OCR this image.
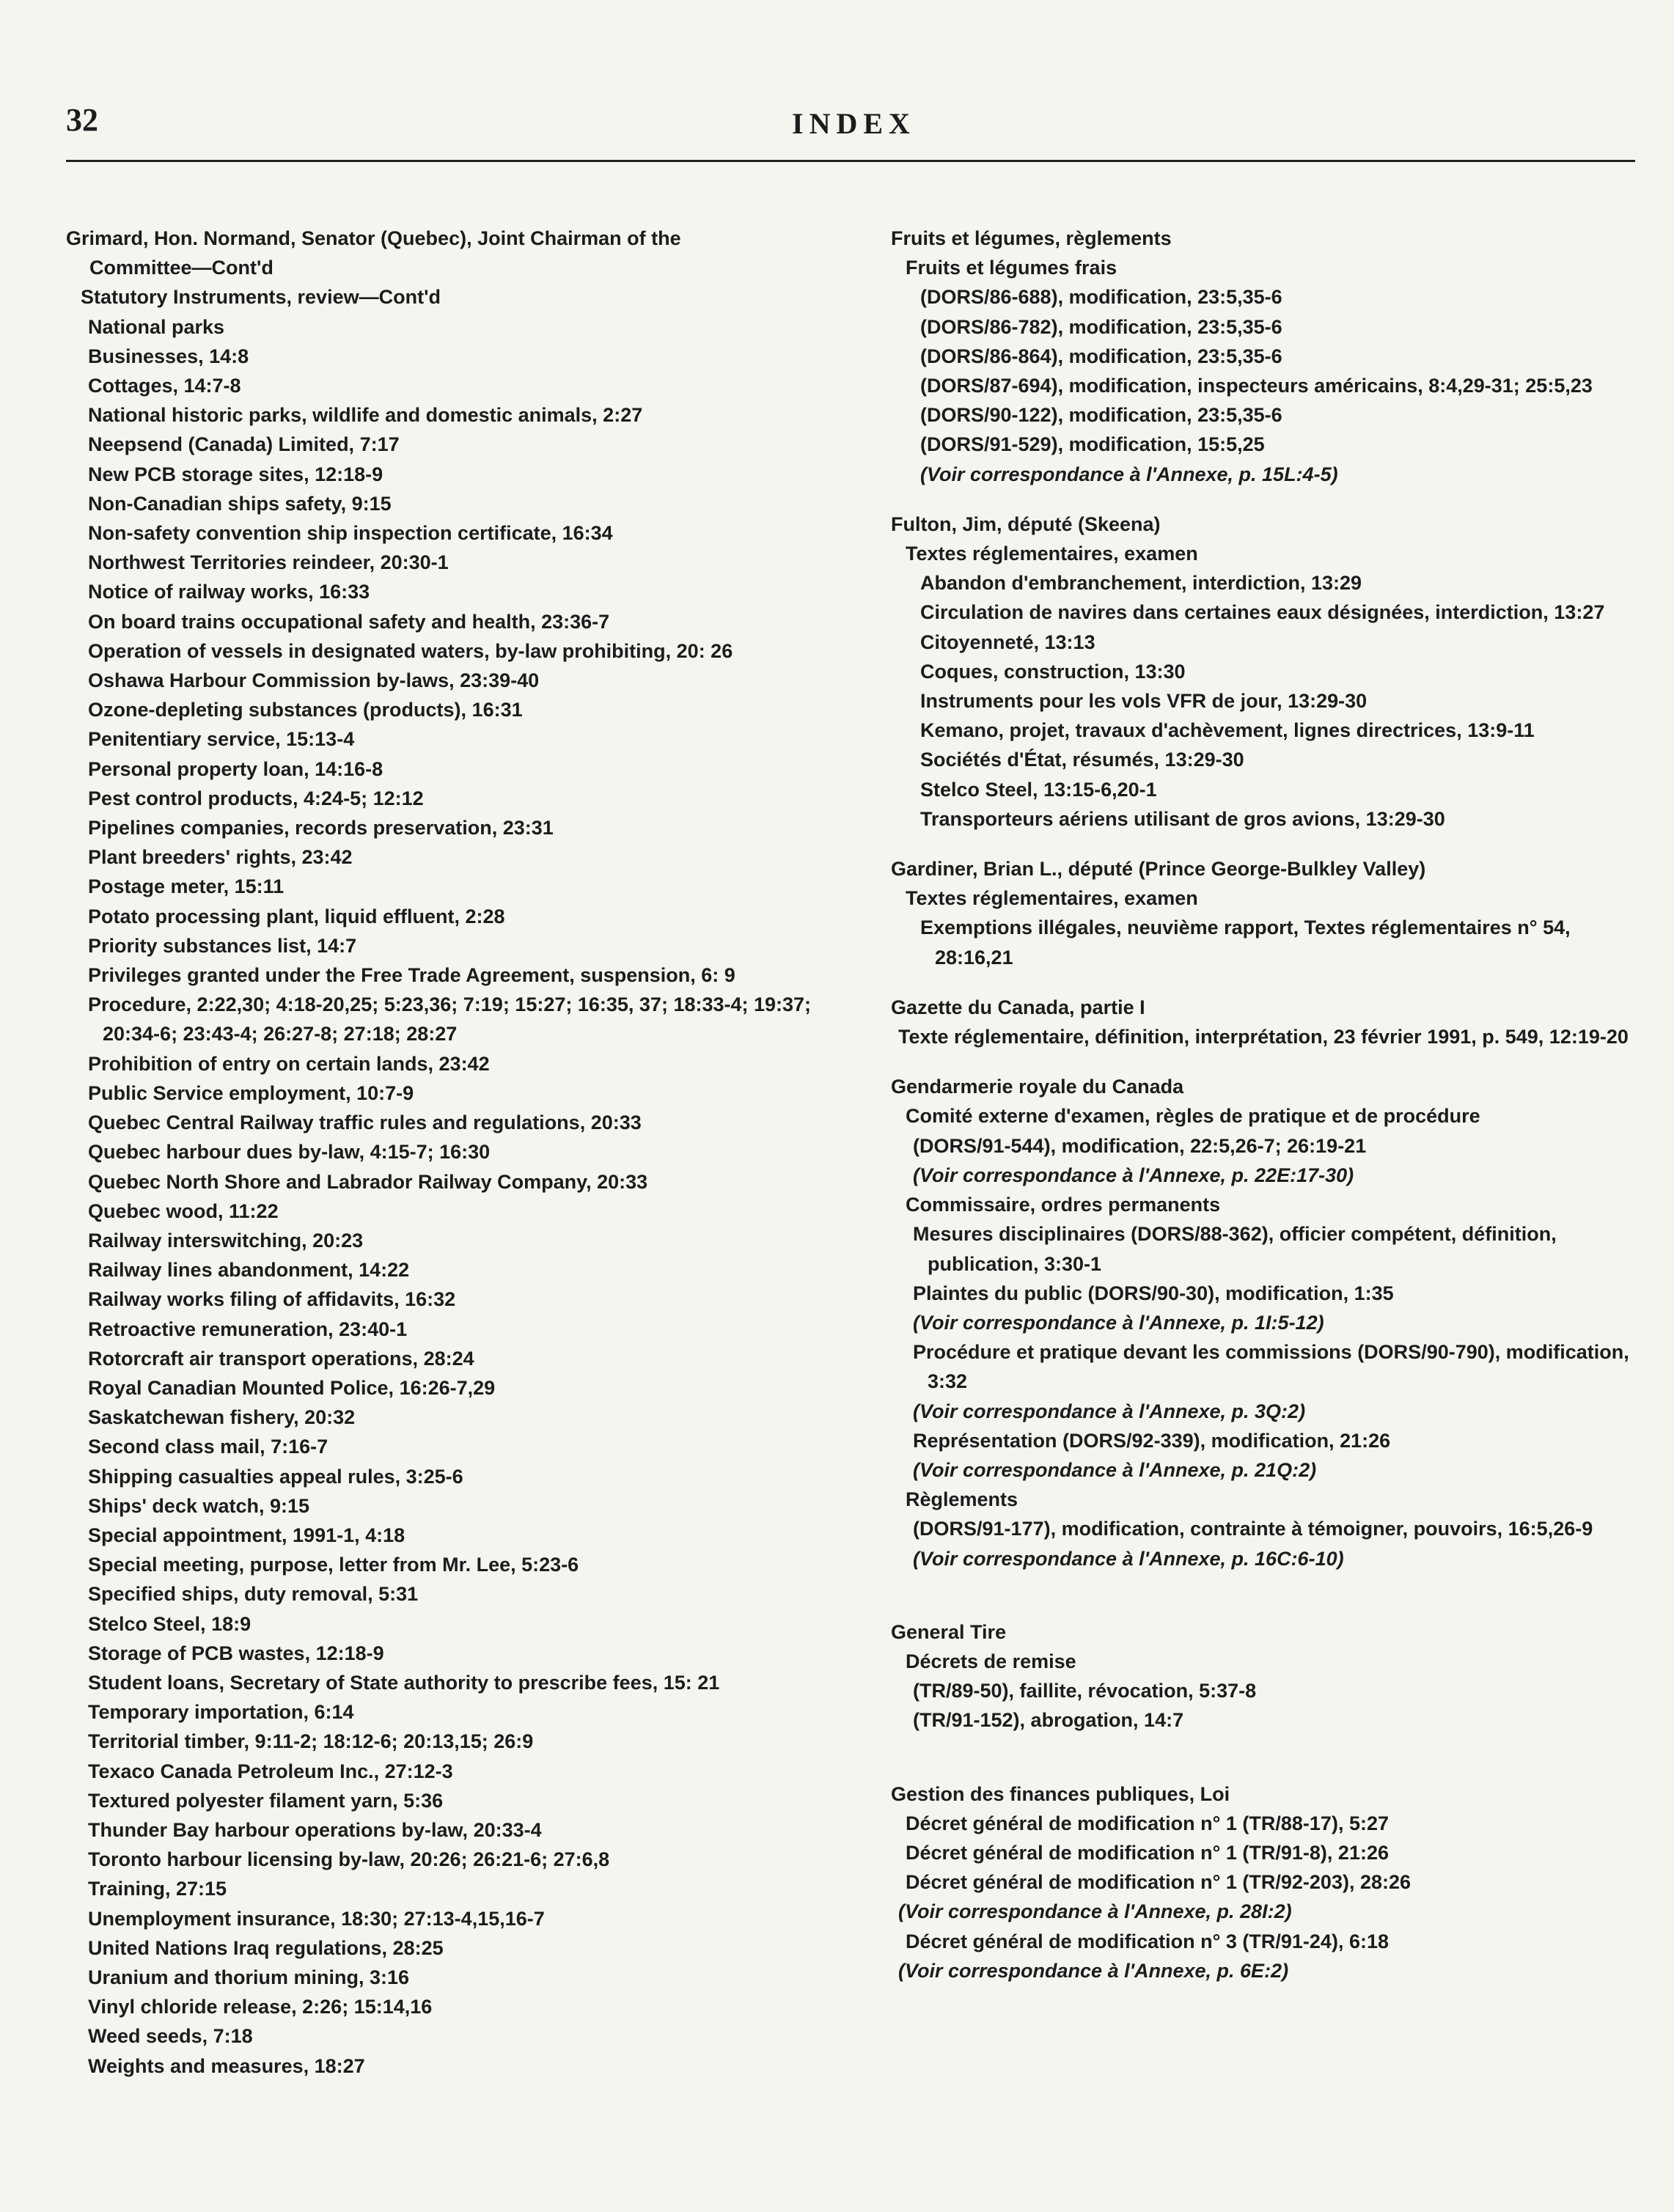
32	INDEX
Grimard, Hon. Normand, Senator (Quebec), Joint Chairman of the
Committee—Cont'd
Statutory Instruments, review—Cont'd
National parks
Businesses, 14:8
Cottages, 14:7-8
National historic parks, wildlife and domestic animals, 2:27
Neepsend (Canada) Limited, 7:17
New PCB storage sites, 12:18-9
Non-Canadian ships safety, 9:15
Non-safety convention ship inspection certificate, 16:34
Northwest Territories reindeer, 20:30-1
Notice of railway works, 16:33
On board trains occupational safety and health, 23:36-7
Operation of vessels in designated waters, by-law prohibiting, 20: 26
Oshawa Harbour Commission by-laws, 23:39-40
Ozone-depleting substances (products), 16:31
Penitentiary service, 15:13-4
Personal property loan, 14:16-8
Pest control products, 4:24-5; 12:12
Pipelines companies, records preservation, 23:31
Plant breeders' rights, 23:42
Postage meter, 15:11
Potato processing plant, liquid effluent, 2:28
Priority substances list, 14:7
Privileges granted under the Free Trade Agreement, suspension, 6: 9
Procedure, 2:22,30; 4:18-20,25; 5:23,36; 7:19; 15:27; 16:35, 37; 18:33-4; 19:37; 20:34-6; 23:43-4; 26:27-8; 27:18; 28:27
Prohibition of entry on certain lands, 23:42
Public Service employment, 10:7-9
Quebec Central Railway traffic rules and regulations, 20:33
Quebec harbour dues by-law, 4:15-7; 16:30
Quebec North Shore and Labrador Railway Company, 20:33
Quebec wood, 11:22
Railway interswitching, 20:23
Railway lines abandonment, 14:22
Railway works filing of affidavits, 16:32
Retroactive remuneration, 23:40-1
Rotorcraft air transport operations, 28:24
Royal Canadian Mounted Police, 16:26-7,29
Saskatchewan fishery, 20:32
Second class mail, 7:16-7
Shipping casualties appeal rules, 3:25-6
Ships' deck watch, 9:15
Special appointment, 1991-1, 4:18
Special meeting, purpose, letter from Mr. Lee, 5:23-6
Specified ships, duty removal, 5:31
Stelco Steel, 18:9
Storage of PCB wastes, 12:18-9
Student loans, Secretary of State authority to prescribe fees, 15: 21
Temporary importation, 6:14
Territorial timber, 9:11-2; 18:12-6; 20:13,15; 26:9
Texaco Canada Petroleum Inc., 27:12-3
Textured polyester filament yarn, 5:36
Thunder Bay harbour operations by-law, 20:33-4
Toronto harbour licensing by-law, 20:26; 26:21-6; 27:6,8
Training, 27:15
Unemployment insurance, 18:30; 27:13-4,15,16-7
United Nations Iraq regulations, 28:25
Uranium and thorium mining, 3:16
Vinyl chloride release, 2:26; 15:14,16
Weed seeds, 7:18
Weights and measures, 18:27
Fruits et légumes, règlements
Fruits et légumes frais
(DORS/86-688), modification, 23:5,35-6
(DORS/86-782), modification, 23:5,35-6
(DORS/86-864), modification, 23:5,35-6
(DORS/87-694), modification, inspecteurs américains, 8:4,29-31; 25:5,23
(DORS/90-122), modification, 23:5,35-6
(DORS/91-529), modification, 15:5,25
(Voir correspondance à l'Annexe, p. 15L:4-5)
Fulton, Jim, député (Skeena)
Textes réglementaires, examen
Abandon d'embranchement, interdiction, 13:29
Circulation de navires dans certaines eaux désignées, interdiction, 13:27
Citoyenneté, 13:13
Coques, construction, 13:30
Instruments pour les vols VFR de jour, 13:29-30
Kemano, projet, travaux d'achèvement, lignes directrices, 13:9-11
Sociétés d'État, résumés, 13:29-30
Stelco Steel, 13:15-6,20-1
Transporteurs aériens utilisant de gros avions, 13:29-30
Gardiner, Brian L., député (Prince George-Bulkley Valley)
Textes réglementaires, examen
Exemptions illégales, neuvième rapport, Textes réglementaires n° 54, 28:16,21
Gazette du Canada, partie I
Texte réglementaire, définition, interprétation, 23 février 1991, p. 549, 12:19-20
Gendarmerie royale du Canada
Comité externe d'examen, règles de pratique et de procédure
(DORS/91-544), modification, 22:5,26-7; 26:19-21
(Voir correspondance à l'Annexe, p. 22E:17-30)
Commissaire, ordres permanents
Mesures disciplinaires (DORS/88-362), officier compétent, définition, publication, 3:30-1
Plaintes du public (DORS/90-30), modification, 1:35
(Voir correspondance à l'Annexe, p. 1I:5-12)
Procédure et pratique devant les commissions (DORS/90-790), modification, 3:32
(Voir correspondance à l'Annexe, p. 3Q:2)
Représentation (DORS/92-339), modification, 21:26
(Voir correspondance à l'Annexe, p. 21Q:2)
Règlements
(DORS/91-177), modification, contrainte à témoigner, pouvoirs, 16:5,26-9
(Voir correspondance à l'Annexe, p. 16C:6-10)
General Tire
Décrets de remise
(TR/89-50), faillite, révocation, 5:37-8
(TR/91-152), abrogation, 14:7
Gestion des finances publiques, Loi
Décret général de modification n° 1 (TR/88-17), 5:27
Décret général de modification n° 1 (TR/91-8), 21:26
Décret général de modification n° 1 (TR/92-203), 28:26
(Voir correspondance à l'Annexe, p. 28I:2)
Décret général de modification n° 3 (TR/91-24), 6:18
(Voir correspondance à l'Annexe, p. 6E:2)
